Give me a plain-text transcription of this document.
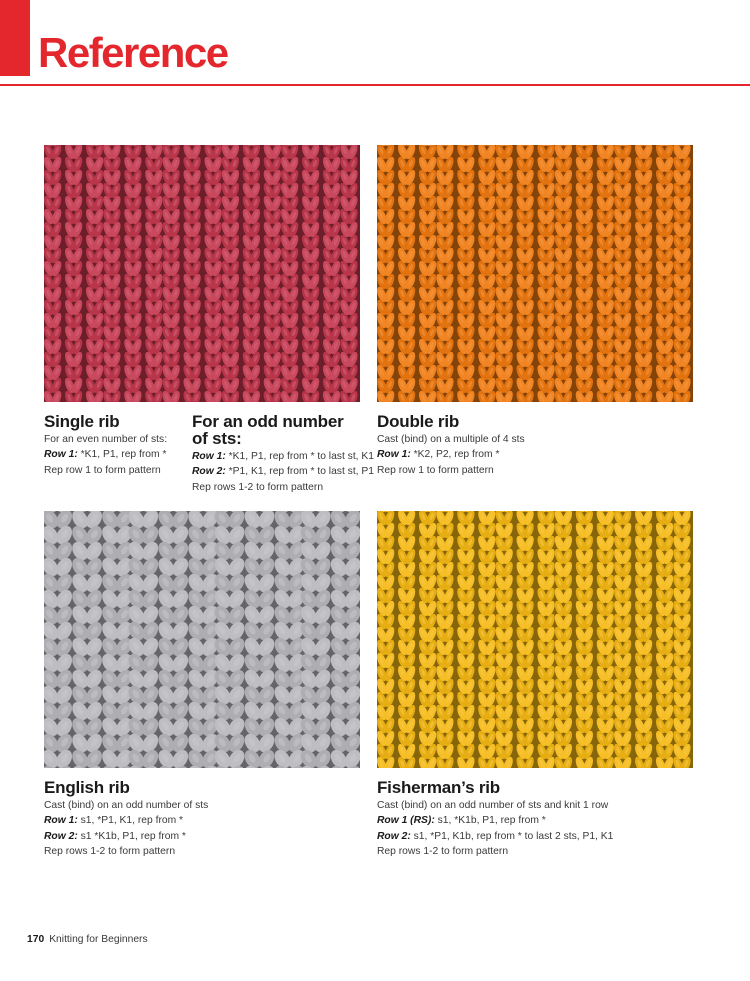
Reference
Single rib
For an even number of sts:
Row 1: *K1, P1, rep from *
Rep row 1 to form pattern
For an odd number of sts:
Row 1: *K1, P1, rep from * to last st, K1
Row 2: *P1, K1, rep from * to last st, P1
Rep rows 1-2 to form pattern
Double rib
Cast (bind) on a multiple of 4 sts
Row 1: *K2, P2, rep from *
Rep row 1 to form pattern
English rib
Cast (bind) on an odd number of sts
Row 1: s1, *P1, K1, rep from *
Row 2: s1 *K1b, P1, rep from *
Rep rows 1-2 to form pattern
Fisherman’s rib
Cast (bind) on an odd number of sts and knit 1 row
Row 1 (RS): s1, *K1b, P1, rep from *
Row 2: s1, *P1, K1b, rep from * to last 2 sts, P1, K1
Rep rows 1-2 to form pattern
170 Knitting for Beginners
